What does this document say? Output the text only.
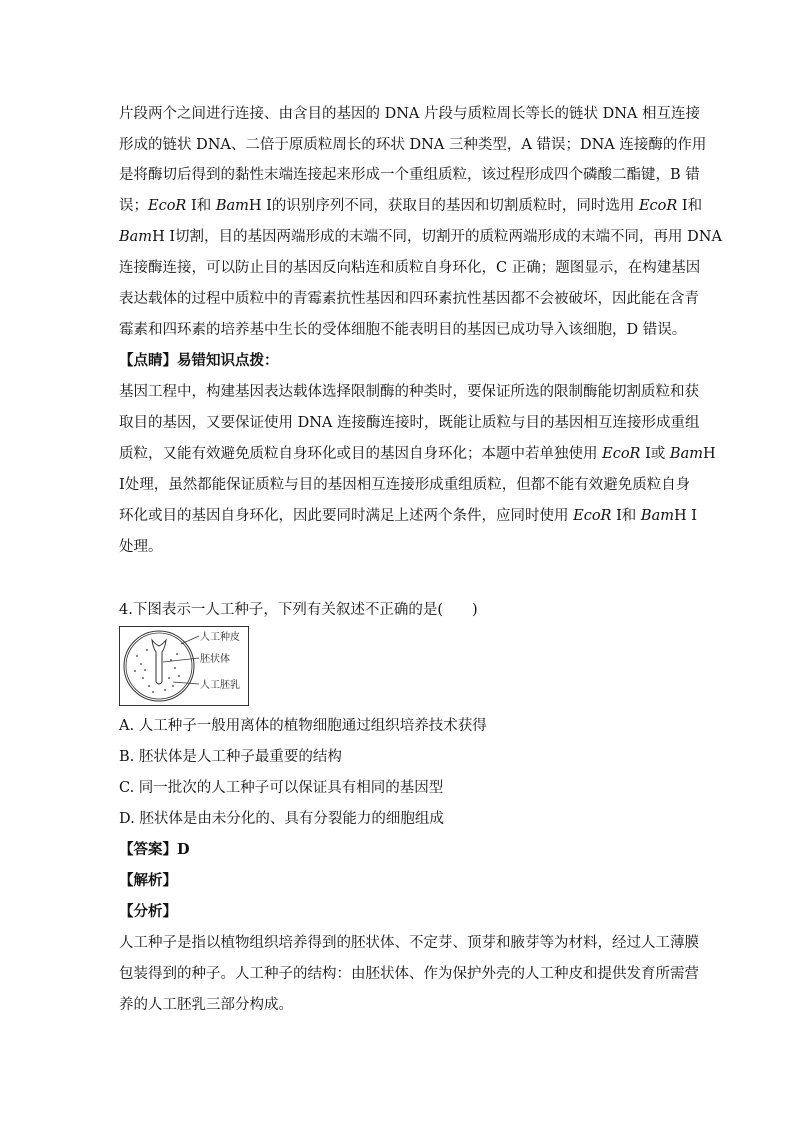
片段两个之间进行连接、由含目的基因的 DNA 片段与质粒周长等长的链状 DNA 相互连接
形成的链状 DNA、二倍于原质粒周长的环状 DNA 三种类型，A 错误；DNA 连接酶的作用
是将酶切后得到的黏性末端连接起来形成一个重组质粒，该过程形成四个磷酸二酯键，B 错
误；EcoR Ⅰ和 BamH Ⅰ的识别序列不同，获取目的基因和切割质粒时，同时选用 EcoR Ⅰ和
BamH Ⅰ切割，目的基因两端形成的末端不同，切割开的质粒两端形成的末端不同，再用 DNA
连接酶连接，可以防止目的基因反向粘连和质粒自身环化，C 正确；题图显示，在构建基因
表达载体的过程中质粒中的青霉素抗性基因和四环素抗性基因都不会被破坏，因此能在含青
霉素和四环素的培养基中生长的受体细胞不能表明目的基因已成功导入该细胞，D 错误。
【点睛】易错知识点拨：
基因工程中，构建基因表达载体选择限制酶的种类时，要保证所选的限制酶能切割质粒和获
取目的基因，又要保证使用 DNA 连接酶连接时，既能让质粒与目的基因相互连接形成重组
质粒，又能有效避免质粒自身环化或目的基因自身环化；本题中若单独使用 EcoR Ⅰ或 BamH
Ⅰ处理，虽然都能保证质粒与目的基因相互连接形成重组质粒，但都不能有效避免质粒自身
环化或目的基因自身环化，因此要同时满足上述两个条件，应同时使用 EcoR Ⅰ和 BamH Ⅰ
处理。
4.下图表示一人工种子，下列有关叙述不正确的是(　　)
人工种皮
胚状体
人工胚乳
A. 人工种子一般用离体的植物细胞通过组织培养技术获得
B. 胚状体是人工种子最重要的结构
C. 同一批次的人工种子可以保证具有相同的基因型
D. 胚状体是由未分化的、具有分裂能力的细胞组成
【答案】D
【解析】
【分析】
人工种子是指以植物组织培养得到的胚状体、不定芽、顶芽和腋芽等为材料，经过人工薄膜
包装得到的种子。人工种子的结构：由胚状体、作为保护外壳的人工种皮和提供发育所需营
养的人工胚乳三部分构成。
